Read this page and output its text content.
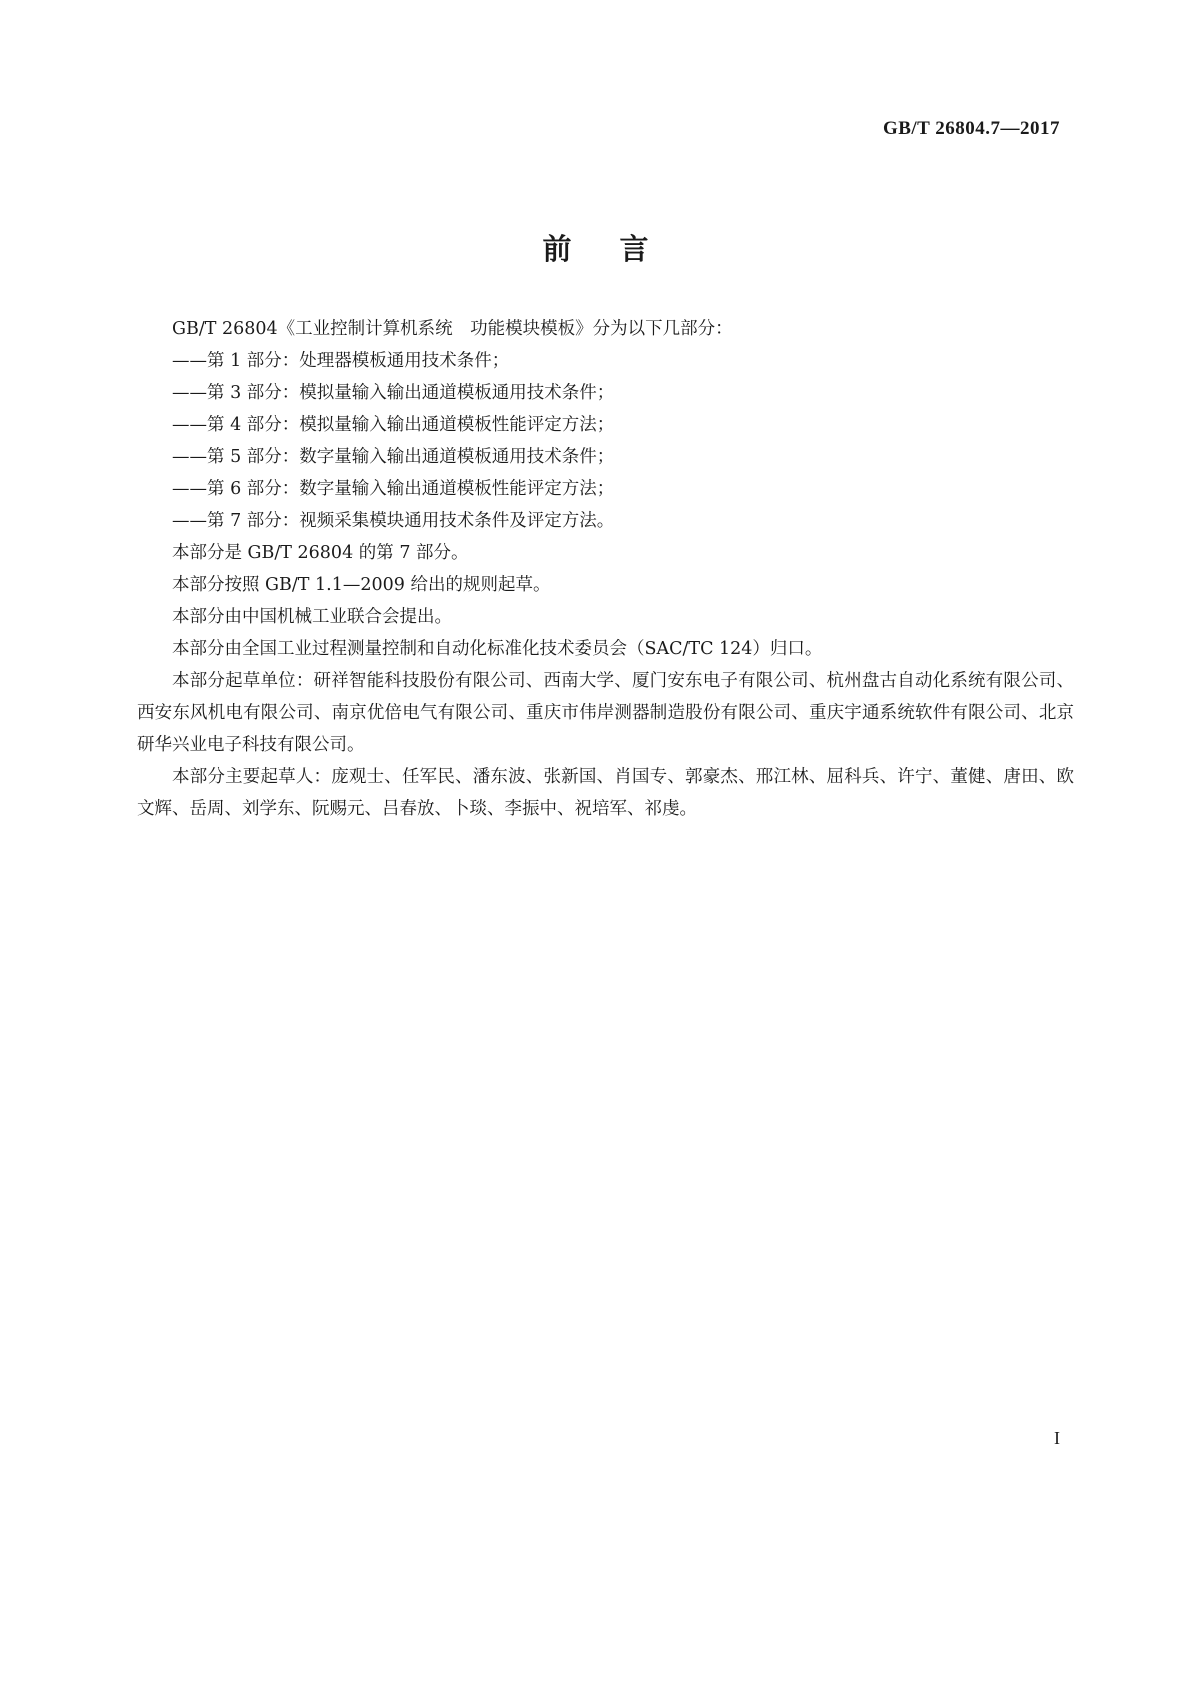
GB/T 26804.7—2017
前言

GB/T 26804《工业控制计算机系统　功能模块模板》分为以下几部分：

——第 1 部分：处理器模板通用技术条件；

——第 3 部分：模拟量输入输出通道模板通用技术条件；

——第 4 部分：模拟量输入输出通道模板性能评定方法；

——第 5 部分：数字量输入输出通道模板通用技术条件；

——第 6 部分：数字量输入输出通道模板性能评定方法；

——第 7 部分：视频采集模块通用技术条件及评定方法。

本部分是 GB/T 26804 的第 7 部分。

本部分按照 GB/T 1.1—2009 给出的规则起草。

本部分由中国机械工业联合会提出。

本部分由全国工业过程测量控制和自动化标准化技术委员会（SAC/TC 124）归口。

本部分起草单位：研祥智能科技股份有限公司、西南大学、厦门安东电子有限公司、杭州盘古自动化系统有限公司、西安东风机电有限公司、南京优倍电气有限公司、重庆市伟岸测器制造股份有限公司、重庆宇通系统软件有限公司、北京研华兴业电子科技有限公司。

本部分主要起草人：庞观士、任军民、潘东波、张新国、肖国专、郭豪杰、邢江林、屈科兵、许宁、董健、唐田、欧文辉、岳周、刘学东、阮赐元、吕春放、卜琰、李振中、祝培军、祁虔。

I
